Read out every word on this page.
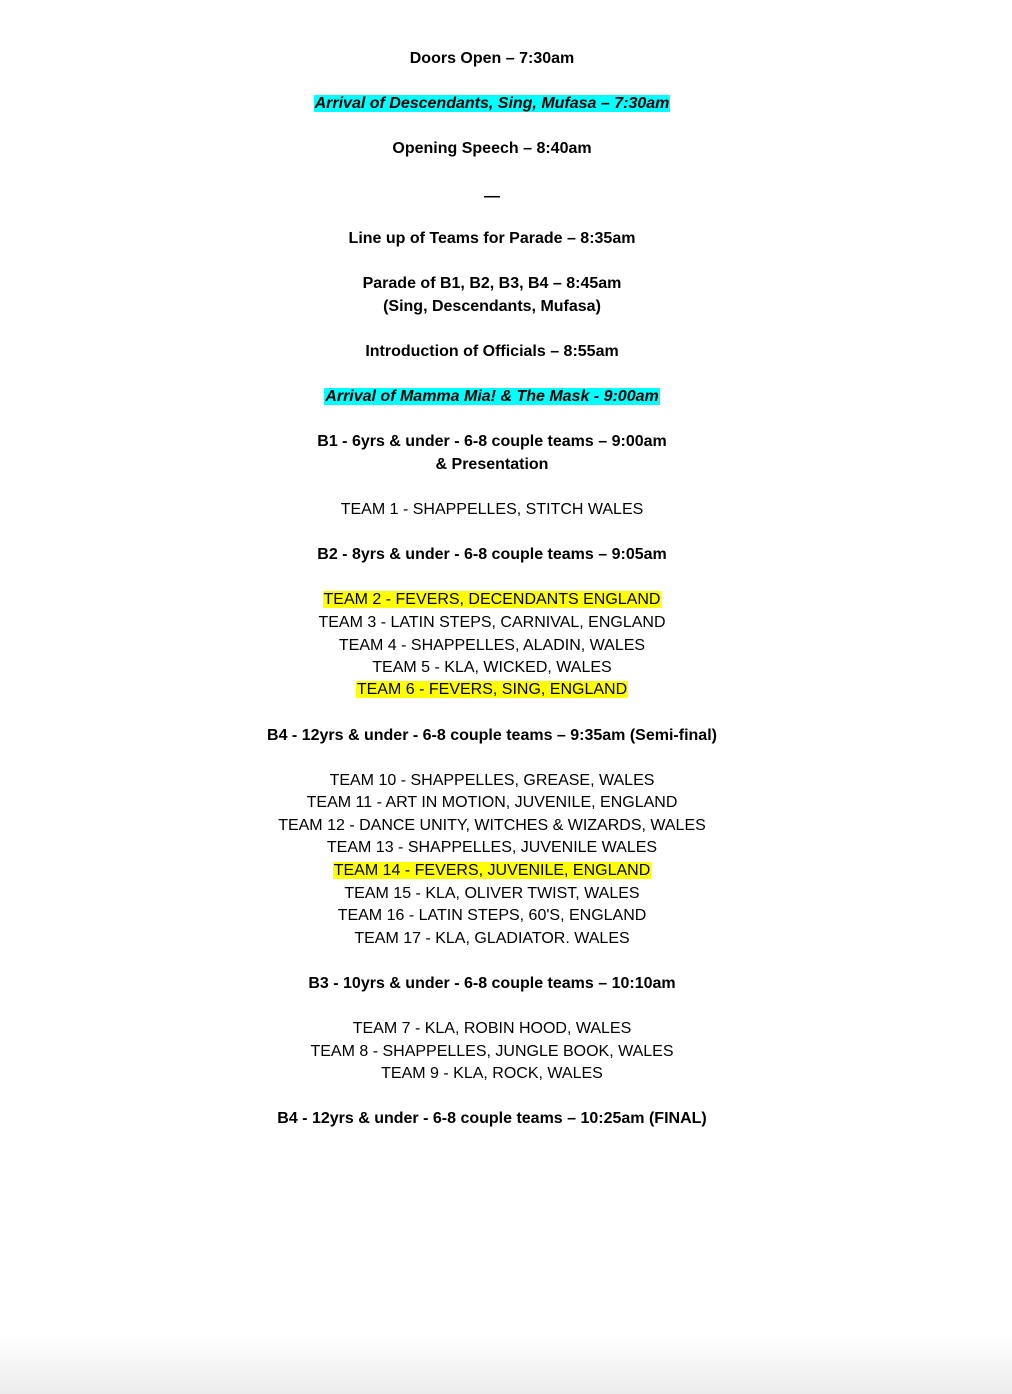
Doors Open – 7:30am
Arrival of Descendants, Sing, Mufasa – 7:30am
Opening Speech – 8:40am
—
Line up of Teams for Parade – 8:35am
Parade of B1, B2, B3, B4 – 8:45am
(Sing, Descendants, Mufasa)
Introduction of Officials – 8:55am
Arrival of Mamma Mia! & The Mask - 9:00am
B1 - 6yrs & under - 6-8 couple teams – 9:00am
& Presentation
TEAM 1 - SHAPPELLES, STITCH WALES
B2 - 8yrs & under - 6-8 couple teams – 9:05am
TEAM 2 - FEVERS, DECENDANTS ENGLAND
TEAM 3 - LATIN STEPS, CARNIVAL, ENGLAND
TEAM 4 - SHAPPELLES, ALADIN, WALES
TEAM 5 - KLA, WICKED, WALES
TEAM 6 - FEVERS, SING, ENGLAND
B4 - 12yrs & under - 6-8 couple teams – 9:35am (Semi-final)
TEAM 10 - SHAPPELLES, GREASE, WALES
TEAM 11 - ART IN MOTION, JUVENILE, ENGLAND
TEAM 12 - DANCE UNITY, WITCHES & WIZARDS, WALES
TEAM 13 - SHAPPELLES, JUVENILE WALES
TEAM 14 - FEVERS, JUVENILE, ENGLAND
TEAM 15 - KLA, OLIVER TWIST, WALES
TEAM 16 - LATIN STEPS, 60'S, ENGLAND
TEAM 17 - KLA, GLADIATOR. WALES
B3 - 10yrs & under - 6-8 couple teams – 10:10am
TEAM 7 - KLA, ROBIN HOOD, WALES
TEAM 8 - SHAPPELLES, JUNGLE BOOK, WALES
TEAM 9 - KLA, ROCK, WALES
B4 - 12yrs & under - 6-8 couple teams – 10:25am (FINAL)
